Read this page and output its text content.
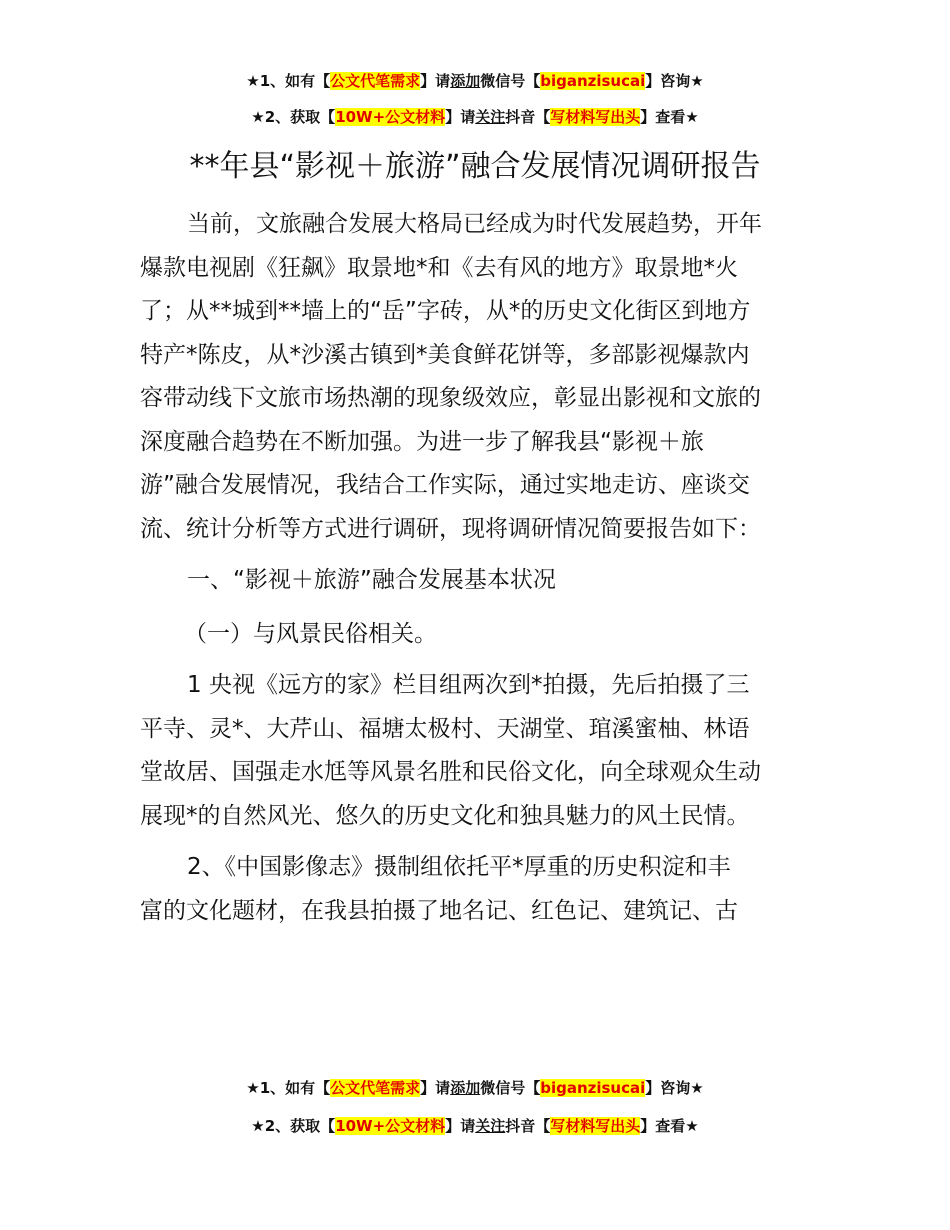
★1、如有【公文代笔需求】请添加微信号【biganzisucai】咨询★
★2、获取【10W+公文材料】请关注抖音【写材料写出头】查看★
**年县“影视＋旅游”融合发展情况调研报告
当前，文旅融合发展大格局已经成为时代发展趋势，开年
爆款电视剧《狂飙》取景地*和《去有风的地方》取景地*火
了；从**城到**墙上的“岳”字砖，从*的历史文化街区到地方
特产*陈皮，从*沙溪古镇到*美食鲜花饼等，多部影视爆款内
容带动线下文旅市场热潮的现象级效应，彰显出影视和文旅的
深度融合趋势在不断加强。为进一步了解我县“影视＋旅
游”融合发展情况，我结合工作实际，通过实地走访、座谈交
流、统计分析等方式进行调研，现将调研情况简要报告如下：
一、“影视＋旅游”融合发展基本状况
（一）与风景民俗相关。
1 央视《远方的家》栏目组两次到*拍摄，先后拍摄了三
平寺、灵*、大芹山、福塘太极村、天湖堂、琯溪蜜柚、林语
堂故居、国强走水尪等风景名胜和民俗文化，向全球观众生动
展现*的自然风光、悠久的历史文化和独具魅力的风土民情。
2、《中国影像志》摄制组依托平*厚重的历史积淀和丰
富的文化题材，在我县拍摄了地名记、红色记、建筑记、古
★1、如有【公文代笔需求】请添加微信号【biganzisucai】咨询★
★2、获取【10W+公文材料】请关注抖音【写材料写出头】查看★
